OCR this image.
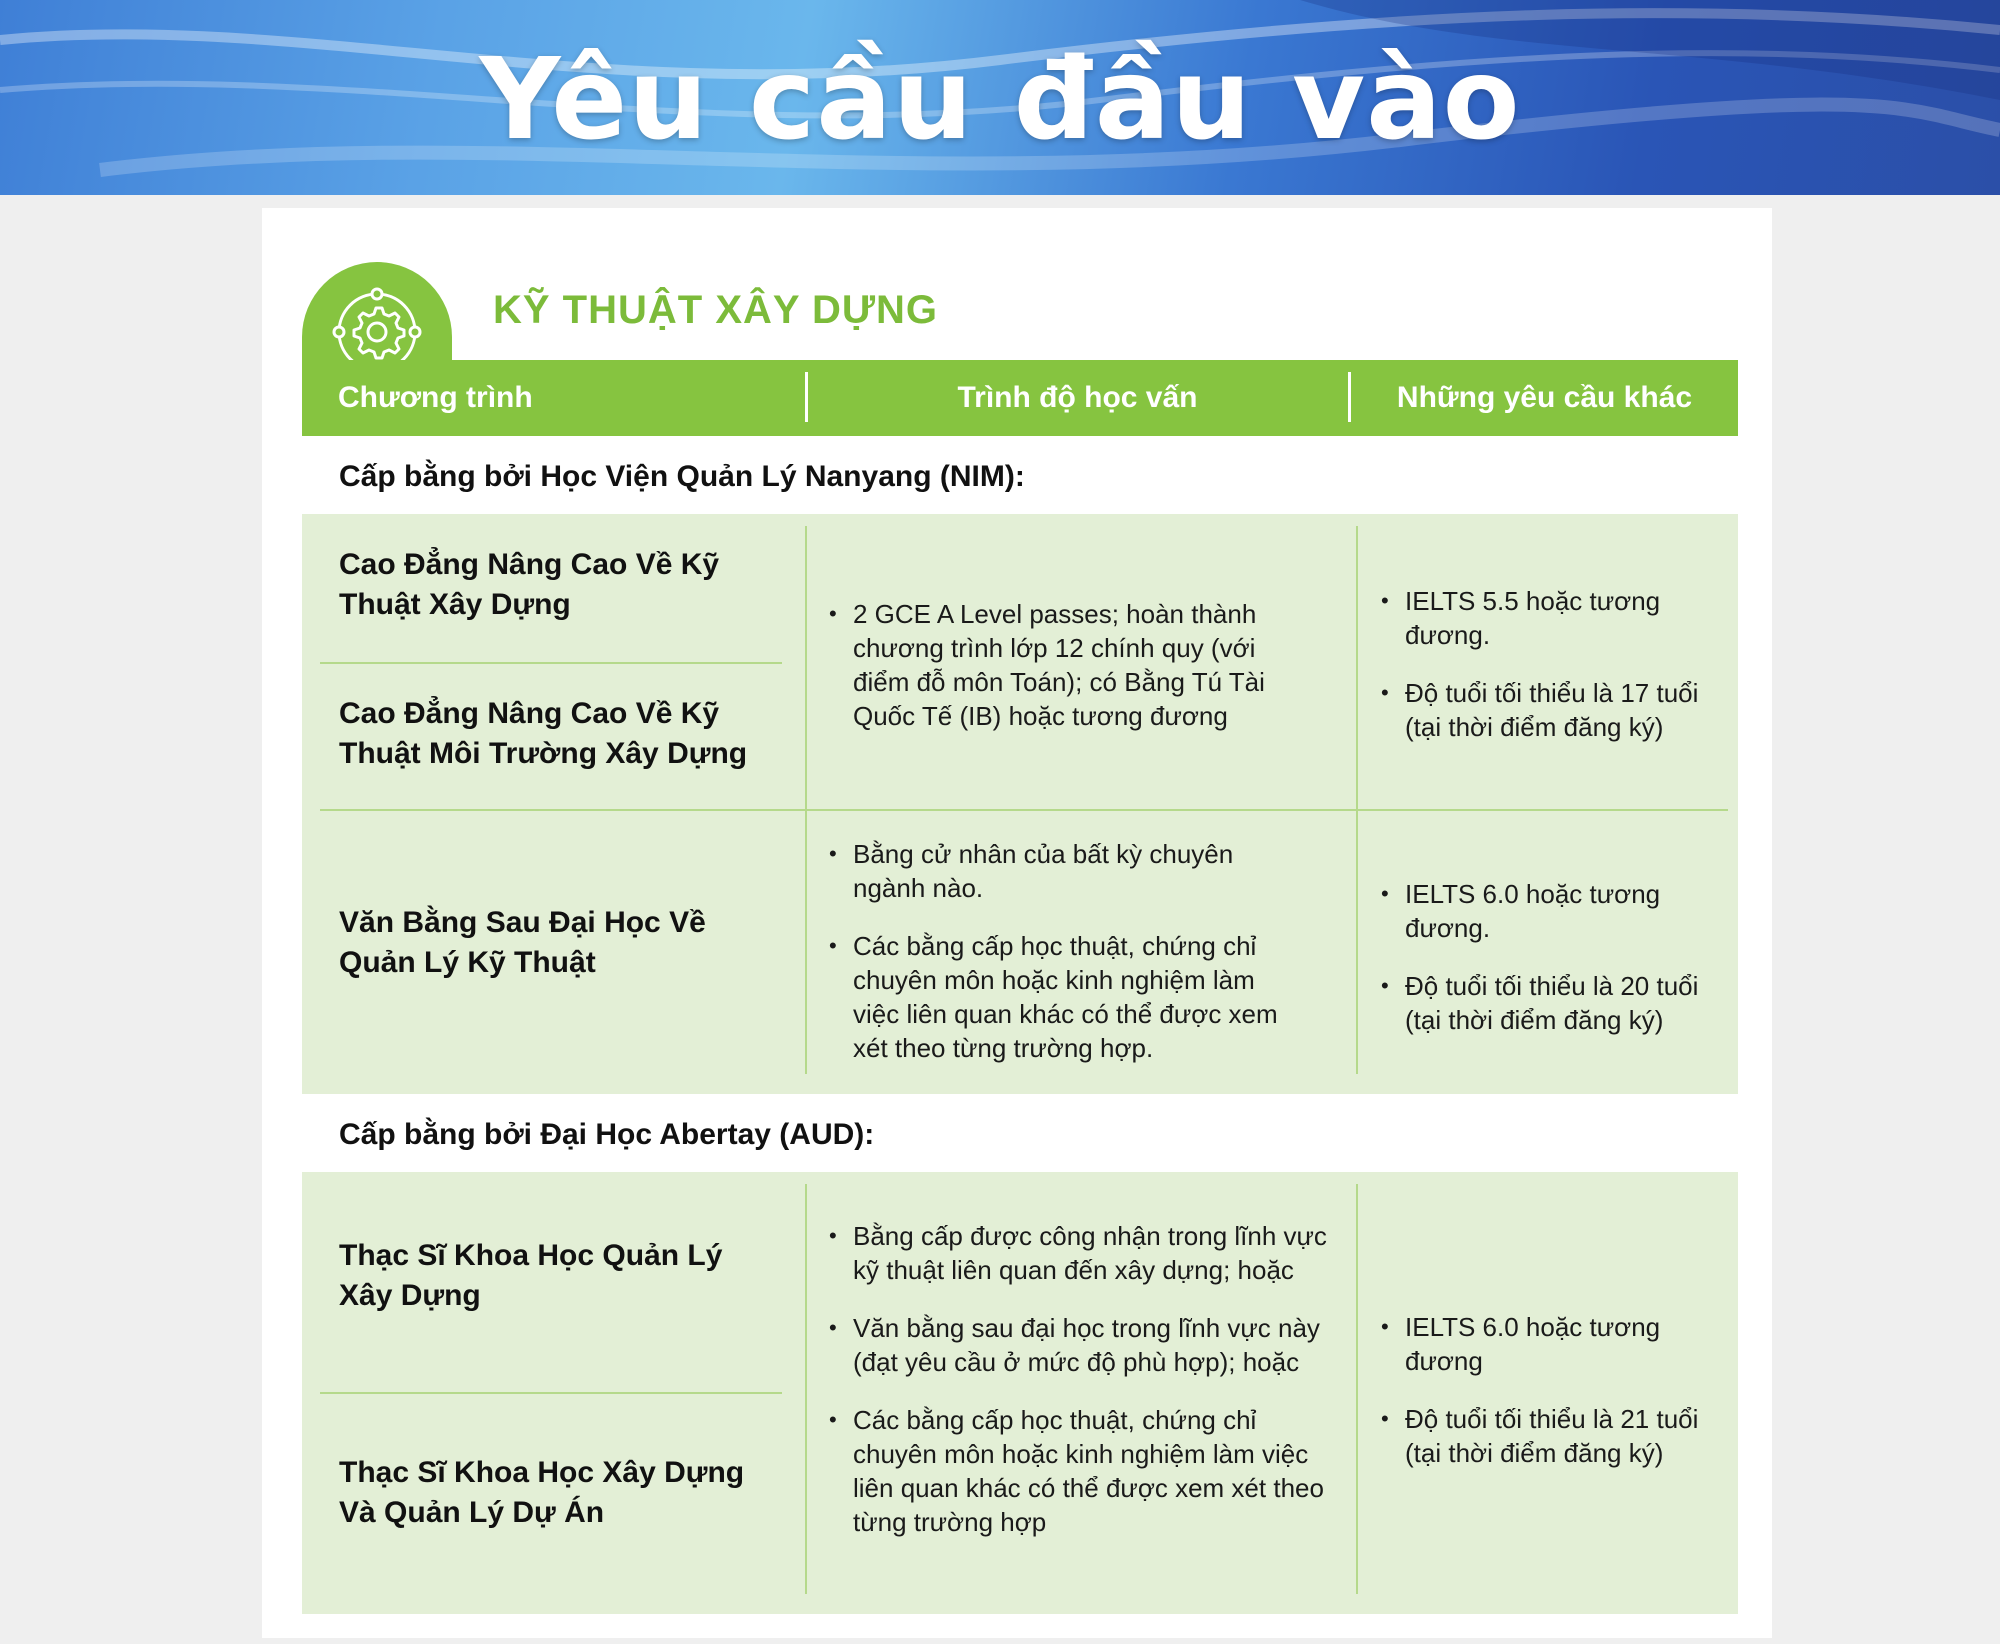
Yêu cầu đầu vào
KỸ THUẬT XÂY DỰNG
Chương trình	Trình độ học vấn	Những yêu cầu khác
Cấp bằng bởi Học Viện Quản Lý Nanyang (NIM):
Cao Đẳng Nâng Cao Về Kỹ Thuật Xây Dựng
Cao Đẳng Nâng Cao Về Kỹ Thuật Môi Trường Xây Dựng
• 2 GCE A Level passes; hoàn thành chương trình lớp 12 chính quy (với điểm đỗ môn Toán); có Bằng Tú Tài Quốc Tế (IB) hoặc tương đương
• IELTS 5.5 hoặc tương đương.
• Độ tuổi tối thiểu là 17 tuổi (tại thời điểm đăng ký)
Văn Bằng Sau Đại Học Về Quản Lý Kỹ Thuật
• Bằng cử nhân của bất kỳ chuyên ngành nào.
• Các bằng cấp học thuật, chứng chỉ chuyên môn hoặc kinh nghiệm làm việc liên quan khác có thể được xem xét theo từng trường hợp.
• IELTS 6.0 hoặc tương đương.
• Độ tuổi tối thiểu là 20 tuổi (tại thời điểm đăng ký)
Cấp bằng bởi Đại Học Abertay (AUD):
Thạc Sĩ Khoa Học Quản Lý Xây Dựng
Thạc Sĩ Khoa Học Xây Dựng Và Quản Lý Dự Án
• Bằng cấp được công nhận trong lĩnh vực kỹ thuật liên quan đến xây dựng; hoặc
• Văn bằng sau đại học trong lĩnh vực này (đạt yêu cầu ở mức độ phù hợp); hoặc
• Các bằng cấp học thuật, chứng chỉ chuyên môn hoặc kinh nghiệm làm việc liên quan khác có thể được xem xét theo từng trường hợp
• IELTS 6.0 hoặc tương đương
• Độ tuổi tối thiểu là 21 tuổi (tại thời điểm đăng ký)
